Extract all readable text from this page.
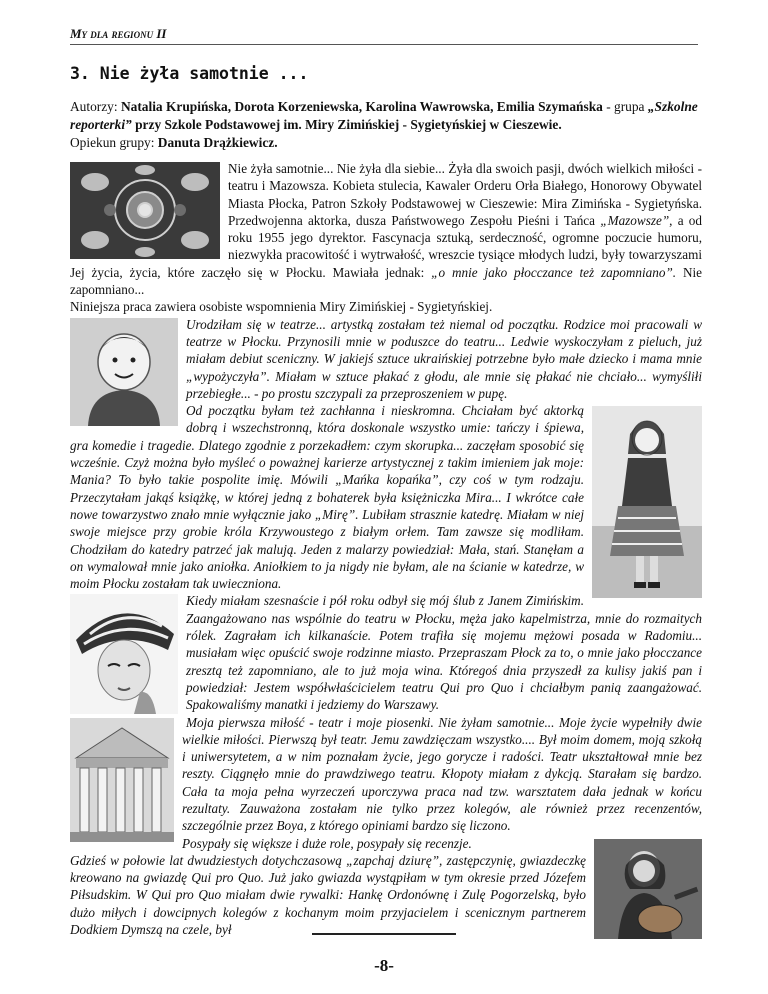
My dla regionu II
3. Nie żyła samotnie ...
Autorzy: Natalia Krupińska, Dorota Korzeniewska, Karolina Wawrowska, Emilia Szymańska - grupa „Szkolne reporterki” przy Szkole Podstawowej im. Miry Zimińskiej - Sygietyńskiej w Cieszewie.
Opiekun grupy: Danuta Drążkiewicz.

Nie żyła samotnie... Nie żyła dla siebie... Żyła dla swoich pasji, dwóch wielkich miłości - teatru i Mazowsza. Kobieta stulecia, Kawaler Orderu Orła Białego, Honorowy Obywatel Miasta Płocka, Patron Szkoły Podstawowej w Cieszewie: Mira Zimińska - Sygietyńska. Przedwojenna aktorka, dusza Państwowego Zespołu Pieśni i Tańca „Mazowsze”, a od roku 1955 jego dyrektor. Fascynacja sztuką, serdeczność, ogromne poczucie humoru, niezwykła pracowitość i wytrwałość, wreszcie tysiące młodych ludzi, były towarzyszami Jej życia, życia, które zaczęło się w Płocku. Mawiała jednak: „o mnie jako płocczance też zapomniano”. Nie zapomniano...

Niniejsza praca zawiera osobiste wspomnienia Miry Zimińskiej - Sygietyńskiej.

Urodziłam się w teatrze... artystką zostałam też niemal od początku. Rodzice moi pracowali w teatrze w Płocku. Przynosili mnie w poduszce do teatru... Ledwie wyskoczyłam z pieluch, już miałam debiut sceniczny. W jakiejś sztuce ukraińskiej potrzebne było małe dziecko i mama mnie „wypożyczyła”. Miałam w sztuce płakać z głodu, ale mnie się płakać nie chciało... wymyśliłi przebiegłe... - po prostu szczypali za przeproszeniem w pupę.

Od początku byłam też zachłanna i nieskromna. Chciałam być aktorką dobrą i wszechstronną, która doskonale wszystko umie: tańczy i śpiewa, gra komedie i tragedie. Dlatego zgodnie z porzekadłem: czym skorupka... zaczęłam sposobić się wcześnie. Czyż można było myśleć o poważnej karierze artystycznej z takim imieniem jak moje: Mania? To było takie pospolite imię. Mówili „Mańka kopańka”, czy coś w tym rodzaju. Przeczytałam jakąś książkę, w której jedną z bohaterek była księżniczka Mira... I wkrótce całe nowe towarzystwo znało mnie wyłącznie jako „Mirę”. Lubiłam strasznie katedrę. Miałam w niej swoje miejsce przy grobie króla Krzywoustego z białym orłem. Tam zawsze się modliłam. Chodziłam do katedry patrzeć jak malują. Jeden z malarzy powiedział: Mała, stań. Stanęłam a on wymalował mnie jako aniołka. Aniołkiem to ja nigdy nie byłam, ale na ścianie w katedrze, w moim Płocku zostałam tak uwieczniona.

Kiedy miałam szesnaście i pół roku odbył się mój ślub z Janem Zimińskim. Zaangażowano nas wspólnie do teatru w Płocku, męża jako kapelmistrza, mnie do rozmaitych rólek. Zagrałam ich kilkanaście. Potem trafiła się mojemu mężowi posada w Radomiu... musiałam więc opuścić swoje rodzinne miasto. Przepraszam Płock za to, o mnie jako płocczance zresztą też zapomniano, ale to już moja wina. Któregoś dnia przyszedł za kulisy jakiś pan i powiedział: Jestem współwłaścicielem teatru Qui pro Quo i chciałbym panią zaangażować. Spakowaliśmy manatki i jedziemy do Warszawy.

Moja pierwsza miłość - teatr i moje piosenki. Nie żyłam samotnie... Moje życie wypełniły dwie wielkie miłości. Pierwszą był teatr. Jemu zawdzięczam wszystko.... Był moim domem, moją szkołą i uniwersytetem, a w nim poznałam życie, jego gorycze i radości. Teatr ukształtował mnie bez reszty. Ciągnęło mnie do prawdziwego teatru. Kłopoty miałam z dykcją. Starałam się bardzo. Cała ta moja pełna wyrzeczeń uporczywa praca nad tzw. warsztatem dała jednak w końcu rezultaty. Zauważona zostałam nie tylko przez kolegów, ale również przez recenzentów, szczególnie przez Boya, z którego opiniami bardzo się liczono.

Posypały się większe i duże role, posypały się recenzje.

Gdzieś w połowie lat dwudziestych dotychczasową „zapchaj dziurę”, zastępczynię, gwiazdeczkę kreowano na gwiazdę Qui pro Quo. Już jako gwiazda wystąpiłam w tym okresie przed Józefem Piłsudskim. W Qui pro Quo miałam dwie rywalki: Hankę Ordonównę i Zulę Pogorzelską, było dużo miłych i dowcipnych kolegów z kochanym moim przyjacielem i scenicznym partnerem Dodkiem Dymszą na czele, był

-8-
